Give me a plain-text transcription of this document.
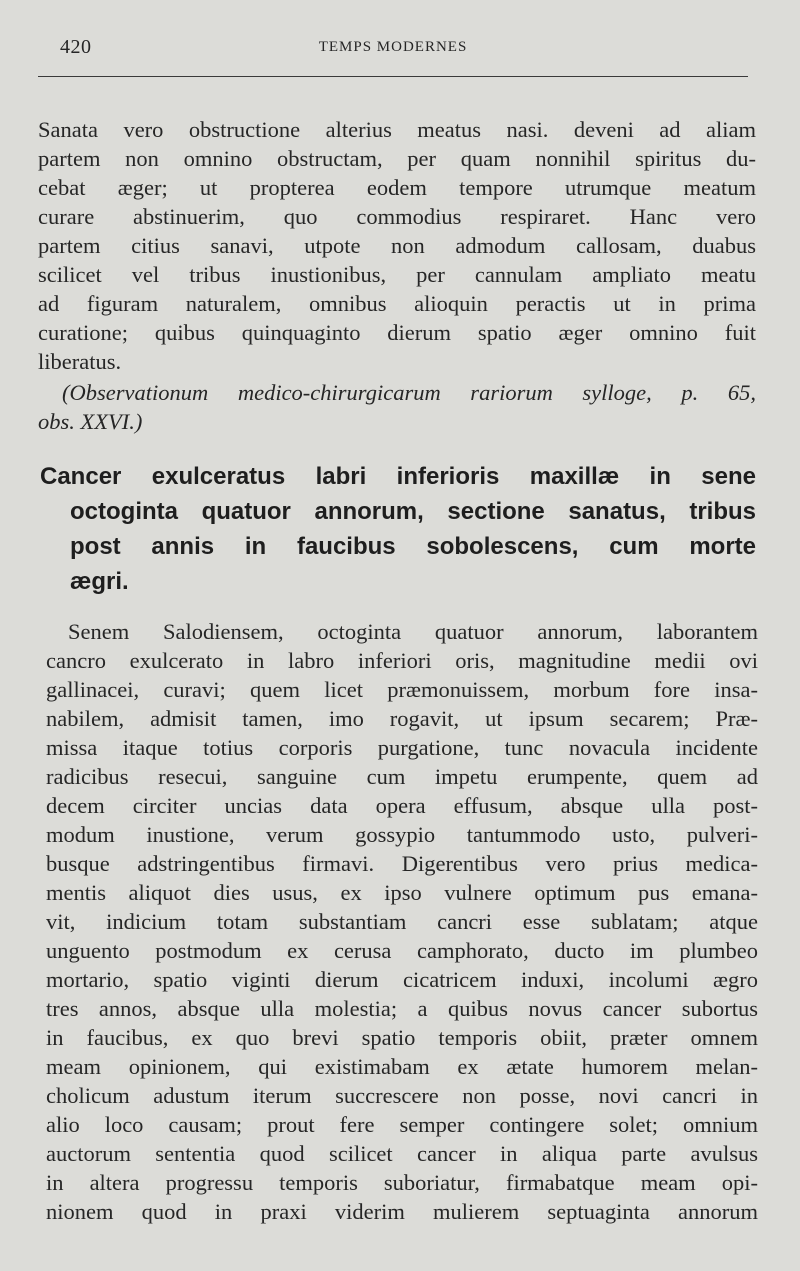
420	TEMPS MODERNES
Sanata vero obstructione alterius meatus nasi. deveni ad aliam
partem non omnino obstructam, per quam nonnihil spiritus du-
cebat æger; ut propterea eodem tempore utrumque meatum
curare abstinuerim, quo commodius respiraret. Hanc vero
partem citius sanavi, utpote non admodum callosam, duabus
scilicet vel tribus inustionibus, per cannulam ampliato meatu
ad figuram naturalem, omnibus alioquin peractis ut in prima
curatione; quibus quinquaginto dierum spatio æger omnino fuit
liberatus.
(Observationum medico-chirurgicarum rariorum sylloge, p. 65,
obs. XXVI.)
Cancer exulceratus labri inferioris maxillæ in sene
octoginta quatuor annorum, sectione sanatus, tribus
post annis in faucibus sobolescens, cum morte
ægri.
Senem Salodiensem, octoginta quatuor annorum, laborantem
cancro exulcerato in labro inferiori oris, magnitudine medii ovi
gallinacei, curavi; quem licet præmonuissem, morbum fore insa-
nabilem, admisit tamen, imo rogavit, ut ipsum secarem; Præ-
missa itaque totius corporis purgatione, tunc novacula incidente
radicibus resecui, sanguine cum impetu erumpente, quem ad
decem circiter uncias data opera effusum, absque ulla post-
modum inustione, verum gossypio tantummodo usto, pulveri-
busque adstringentibus firmavi. Digerentibus vero prius medica-
mentis aliquot dies usus, ex ipso vulnere optimum pus emana-
vit, indicium totam substantiam cancri esse sublatam; atque
unguento postmodum ex cerusa camphorato, ducto im plumbeo
mortario, spatio viginti dierum cicatricem induxi, incolumi ægro
tres annos, absque ulla molestia; a quibus novus cancer subortus
in faucibus, ex quo brevi spatio temporis obiit, præter omnem
meam opinionem, qui existimabam ex ætate humorem melan-
cholicum adustum iterum succrescere non posse, novi cancri in
alio loco causam; prout fere semper contingere solet; omnium
auctorum sententia quod scilicet cancer in aliqua parte avulsus
in altera progressu temporis suboriatur, firmabatque meam opi-
nionem quod in praxi viderim mulierem septuaginta annorum
